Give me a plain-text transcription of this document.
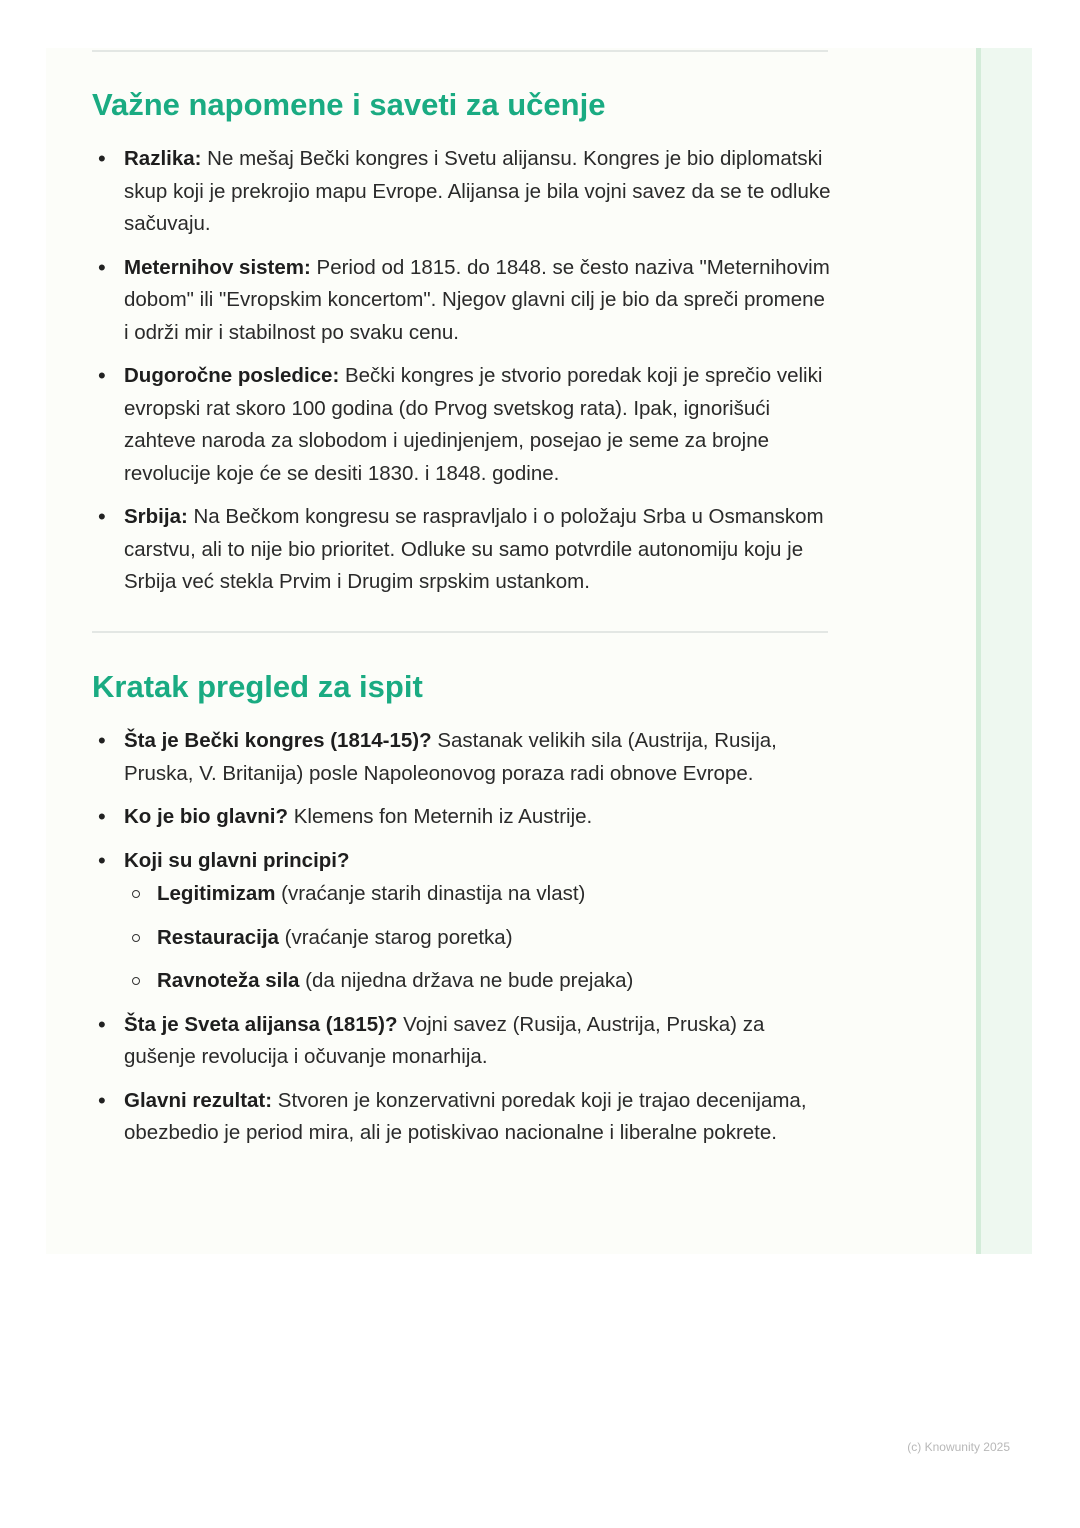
Važne napomene i saveti za učenje
• Razlika: Ne mešaj Bečki kongres i Svetu alijansu. Kongres je bio diplomatski skup koji je prekrojio mapu Evrope. Alijansa je bila vojni savez da se te odluke sačuvaju.
• Meternihov sistem: Period od 1815. do 1848. se često naziva "Meternihovim dobom" ili "Evropskim koncertom". Njegov glavni cilj je bio da spreči promene i održi mir i stabilnost po svaku cenu.
• Dugoročne posledice: Bečki kongres je stvorio poredak koji je sprečio veliki evropski rat skoro 100 godina (do Prvog svetskog rata). Ipak, ignorišući zahteve naroda za slobodom i ujedinjenjem, posejao je seme za brojne revolucije koje će se desiti 1830. i 1848. godine.
• Srbija: Na Bečkom kongresu se raspravljalo i o položaju Srba u Osmanskom carstvu, ali to nije bio prioritet. Odluke su samo potvrdile autonomiju koju je Srbija već stekla Prvim i Drugim srpskim ustankom.
Kratak pregled za ispit
• Šta je Bečki kongres (1814-15)? Sastanak velikih sila (Austrija, Rusija, Pruska, V. Britanija) posle Napoleonovog poraza radi obnove Evrope.
• Ko je bio glavni? Klemens fon Meternih iz Austrije.
• Koji su glavni principi?
Legitimizam (vraćanje starih dinastija na vlast)
Restauracija (vraćanje starog poretka)
Ravnoteža sila (da nijedna država ne bude prejaka)
• Šta je Sveta alijansa (1815)? Vojni savez (Rusija, Austrija, Pruska) za gušenje revolucija i očuvanje monarhija.
• Glavni rezultat: Stvoren je konzervativni poredak koji je trajao decenijama, obezbedio je period mira, ali je potiskivao nacionalne i liberalne pokrete.
(c) Knowunity 2025
